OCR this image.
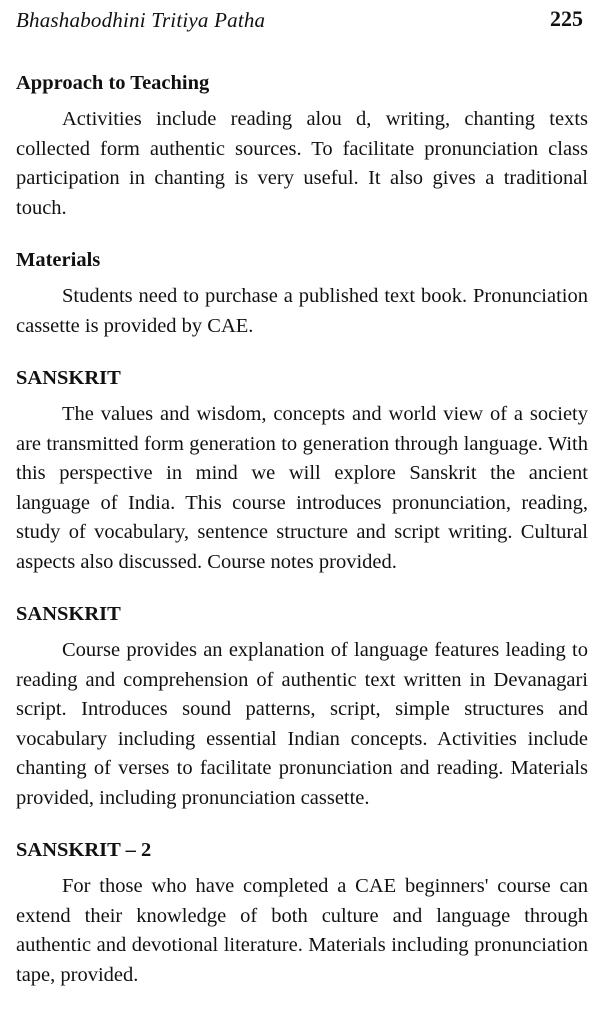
Bhashabodhini Tritiya Patha	225
Approach to Teaching

Activities include reading alou d, writing, chanting texts collected form authentic sources. To facilitate pronunciation class participation in chanting is very useful. It also gives a traditional touch.

Materials

Students need to purchase a published text book. Pronunciation cassette is provided by CAE.

SANSKRIT

The values and wisdom, concepts and world view of a society are transmitted form generation to generation through language. With this perspective in mind we will explore Sanskrit the ancient language of India. This course introduces pronunciation, reading, study of vocabulary, sentence structure and script writing. Cultural aspects also discussed. Course notes provided.

SANSKRIT

Course provides an explanation of language features leading to reading and comprehension of authentic text written in Devanagari script. Introduces sound patterns, script, simple structures and vocabulary including essential Indian concepts. Activities include chanting of verses to facilitate pronunciation and reading. Materials provided, including pronunciation cassette.

SANSKRIT – 2

For those who have completed a CAE beginners' course can extend their knowledge of both culture and language through authentic and devotional literature. Materials including pronunciation tape, provided.
